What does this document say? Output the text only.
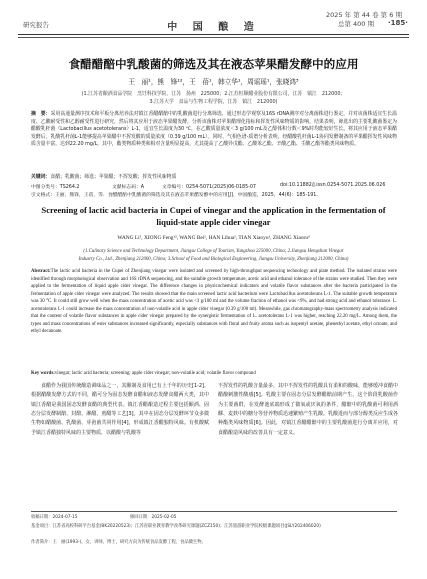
研究报告	中 国 酿 造
2025 年 第 44 卷 第 6 期
总第 400 期	·185·
食醋醋醅中乳酸菌的筛选及其在液态苹果醋发酵中的应用
王　丽¹，熊　锋¹²，王　蓓¹，韩立华¹，周谣瑶¹，张晓鸿³
(1.江苏省酿酒食品学院　烹饪科技学院，江苏　扬州　225000；2.江苏恒顺醋业股份有限公司，江苏　镇江　212000；
3.江苏大学　食品与生物工程学院，江苏　镇江　212000)
摘　要：采用高通量测序技术和平板分离培养法对镇江香醋醋醅中的乳酸菌进行分离筛选，通过形态学观察及16S rDNA测序对分离菌株进行鉴定，并对该菌株适宜生长温度、乙酸耐受性和乙醇耐受性进行研究，然后将其应用于液态苹果醋发酵，分析该菌株对苹果醋理化指标和挥发性风味物质的影响。结果表明，筛选出的主要乳酸菌鉴定为醋酸乳杆菌（Lactobacillus acetotolerans）L-1，适宜生长温度为30 ℃，在乙酸质量浓度＜3 g/100 mL及乙醇体积分数＜9%时均能较好生长。将其应用于液态苹果醋发酵后，乳酸乳杆菌L-1能够提高苹果醋中不挥发酸的质量浓度（0.39 g/100 mL）。同时，气相色谱-质谱分析表明，经醋酸乳杆菌L-1协同发酵制备的苹果醋挥发性风味物质含量丰富，达到22.20 mg/L，其中，酯类物质种类和相对含量明显提高，尤其提高了乙酸异戊酯、乙酸苯乙酯、辛酸乙酯、壬酸乙酯等酯类风味物质。
关键词：食醋；乳酸菌；筛选；苹果醋；不挥发酸；挥发性风味物质
中图分类号：TS264.2	文献标志码：A	文章编号：0254-5071(2025)06-0185-07	doi:10.11882/j.issn.0254-5071.2025.06.026
引文格式：王丽，熊锋，王蓓，等．食醋醋醅中乳酸菌的筛选及其在液态苹果醋发酵中的应用[J]．中国酿造，2025，44(6)：185-191.
Screening of lactic acid bacteria in Cupei of vinegar and the application in the fermentation of
liquid-state apple cider vinegar
WANG Li¹, XIONG Feng¹², WANG Bei¹, HAN Lihua¹, TIAN Xiaoyu¹, ZHANG Xiaoru³
(1.Culinary Science and Technology Department, Jiangsu College of Tourism, Yangzhou 225000, China; 2.Jiangsu Hengshun Vinegar
Industry Co., Ltd., Zhenjiang 212000, China; 3.School of Food and Biological Engineering, Jiangsu University, Zhenjiang 212000, China)
Abstract:The lactic acid bacteria in the Cupei of Zhenjiang vinegar were isolated and screened by high-throughput sequencing technology and plate method. The isolated strains were identified through morphological observation and 16S rDNA sequencing, and the suitable growth temperature, acetic acid and ethanol tolerance of the strains were studied. Then they were applied to the fermentation of liquid apple cider vinegar. The difference changes in physicochemical indicators and volatile flavor substances after the bacteria participated in the fermentation of apple cider vinegar were analyzed. The results showed that the main screened lactic acid bacterium were Lactobacillus acetotolerans L-1. The suitable growth temperature was 30 °C. It could still grow well when the mass concentration of acetic acid was <3 g/100 ml and the volume fraction of ethanol was <9%, and had strong acid and ethanol tolerance. L. acetotolerans L-1 could increase the mass concentration of non-volatile acid in apple cider vinegar (0.39 g/100 ml). Meanwhile, gas chromatography-mass spectrometry analysis indicated that the content of volatile flavor substances in apple cider vinegar prepared by the synergistic fermentation of L. acetotolerans L-1 was higher, reaching 22.20 mg/L. Among them, the types and mass concentrations of ester substances increased significantly, especially substances with floral and fruity aroma such as isopentyl acetate, phenethyl acetate, ethyl octoate, and ethyl decanoate.
Key words:vinegar; lactic acid bacteria; screening; apple cider vinegar; non-volatile acid; volatile flavor compound
食醋作为我国传统酿造调味品之一，其酿制及食用已有上千年的历史[1-2]。根据醋酸发酵方式的不同，醋可分为固态发酵食醋和液态发酵食醋两大类，其中镇江香醋是我国固态发酵食醋的典型代表。镇江香醋酿造过程主要包括酿酒、固态分层发酵制醅、封醅、淋醋、煎醋等工艺[3]，其中在固态分层发酵环节众多微生物如醋酸菌、乳酸菌、芽孢菌共同作用[4]，形成镇江香醋独特风味。有机酸赋予镇江香醋独特风味的主要物质，以醋酸与乳酸等
不挥发性的乳酸含量最多，其中不挥发性的乳酸具有柔和的酸味，能够缓冲食醋中醋酸刺激性酸感[5]。乳酸主要在固态分层发酵醋醅前期产生，这个阶段乳酸菌作为主要菌群，在发酵池底端形成了微氧或厌氧的条件，醋醅中的乳酸菌可利用酒醪、麦麸中的糖分等营养物质迅速繁殖产生乳酸。乳酸进而与部分醇类反应生成各种酯类风味物质[6]。因此，对镇江香醋醋醅中的主要乳酸菌进行分离并应用，对食醋酿造风味的改善具有一定意义。
收稿日期：2024-07-15	修回日期：2025-02-05
基金项目：江苏省高校科研平台基金(BK20220523)；江苏省职业教育教学改革研究课题(ZCZ150)；江苏旅游职业学院校级课题项目(JSLY202406020)
作者简介：王　丽(1993-)，女，讲师，博士，研究方向为传统食品发酵工程、食品微生物。
